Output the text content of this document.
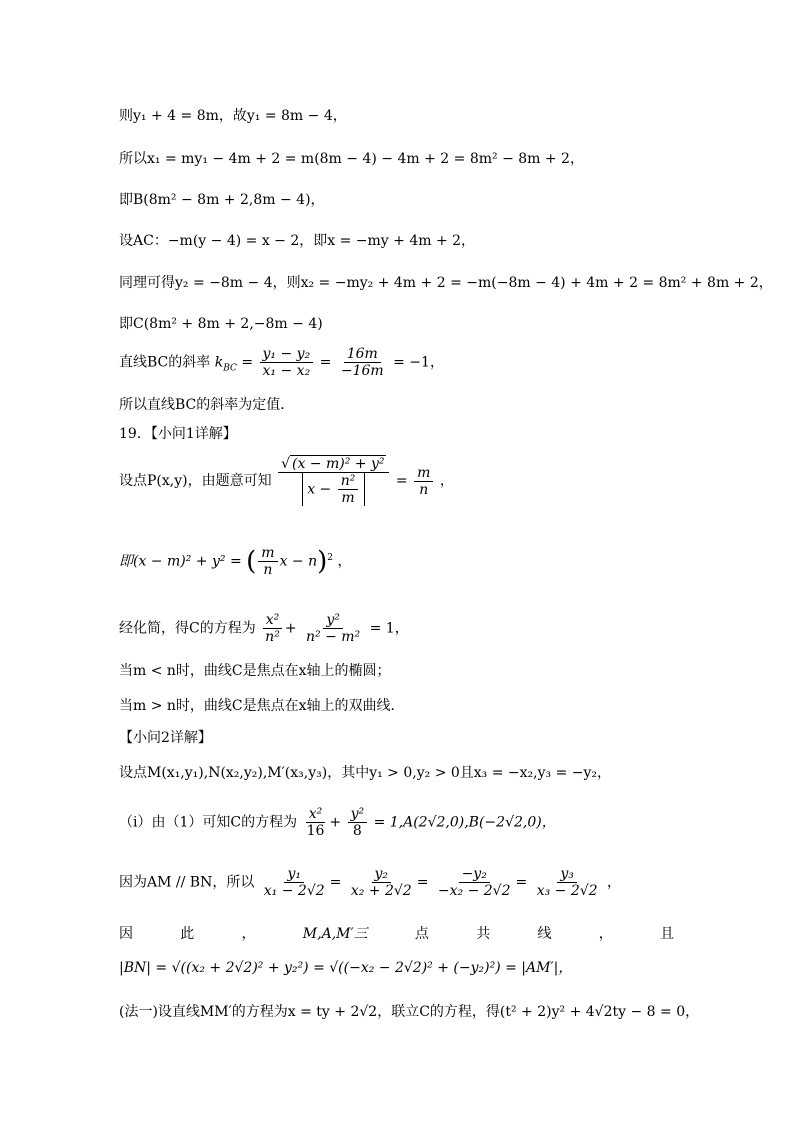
则y₁ + 4 = 8m，故y₁ = 8m − 4，
所以x₁ = my₁ − 4m + 2 = m(8m − 4) − 4m + 2 = 8m² − 8m + 2，
即B(8m² − 8m + 2,8m − 4)，
设AC：−m(y − 4) = x − 2，即x = −my + 4m + 2，
同理可得y₂ = −8m − 4，则x₂ = −my₂ + 4m + 2 = −m(−8m − 4) + 4m + 2 = 8m² + 8m + 2，
即C(8m² + 8m + 2,−8m − 4)
直线BC的斜率 $k_{BC} = \frac{\text{y₁ − y₂}}{\text{x₁ − x₂}} = \frac{16m}{-16m} = -1$，
所以直线BC的斜率为定值．
19．【小问1详解】
设点P(x,y)，由题意可知 $\frac{\text{√ (x − m)² + y²}}{x - \frac{\text{n²}}{m}} = \frac{m}{n}$ ，
即(x − m)² + y² = ( $\frac{m}{n}$ x − n)$^2$ ，
经化简，得C的方程为 $\frac{\text{x²}}{\text{n²}} + \frac{\text{y²}}{\text{n² − m²}} = 1$，
当m < n时，曲线C是焦点在x轴上的椭圆；
当m > n时，曲线C是焦点在x轴上的双曲线．
【小问2详解】
设点M(x₁,y₁),N(x₂,y₂),M′(x₃,y₃)，其中y₁ > 0,y₂ > 0且x₃ = −x₂,y₃ = −y₂，
（ⅰ）由（1）可知C的方程为 $\frac{\text{x²}}{16} + \frac{\text{y²}}{8} = 1,A(2√2,0),B(-2√2,0)$，
因为AM // BN，所以 $\frac{\text{y₁}}{\text{x₁ − 2√2}} = \frac{\text{y₂}}{\text{x₂ + 2√2}} = \frac{\text{−y₂}}{\text{−x₂ − 2√2}} = \frac{\text{y₃}}{\text{x₃ − 2√2}}$ ，
因	此	，	M,A,M′三	点	共	线	，	且
|BN| = √((x₂ + 2√2)² + y₂²) = √((−x₂ − 2√2)² + (−y₂)²) = |AM′|，
(法一)设直线MM′的方程为x = ty + 2√2，联立C的方程，得(t² + 2)y² + 4√2ty − 8 = 0，
